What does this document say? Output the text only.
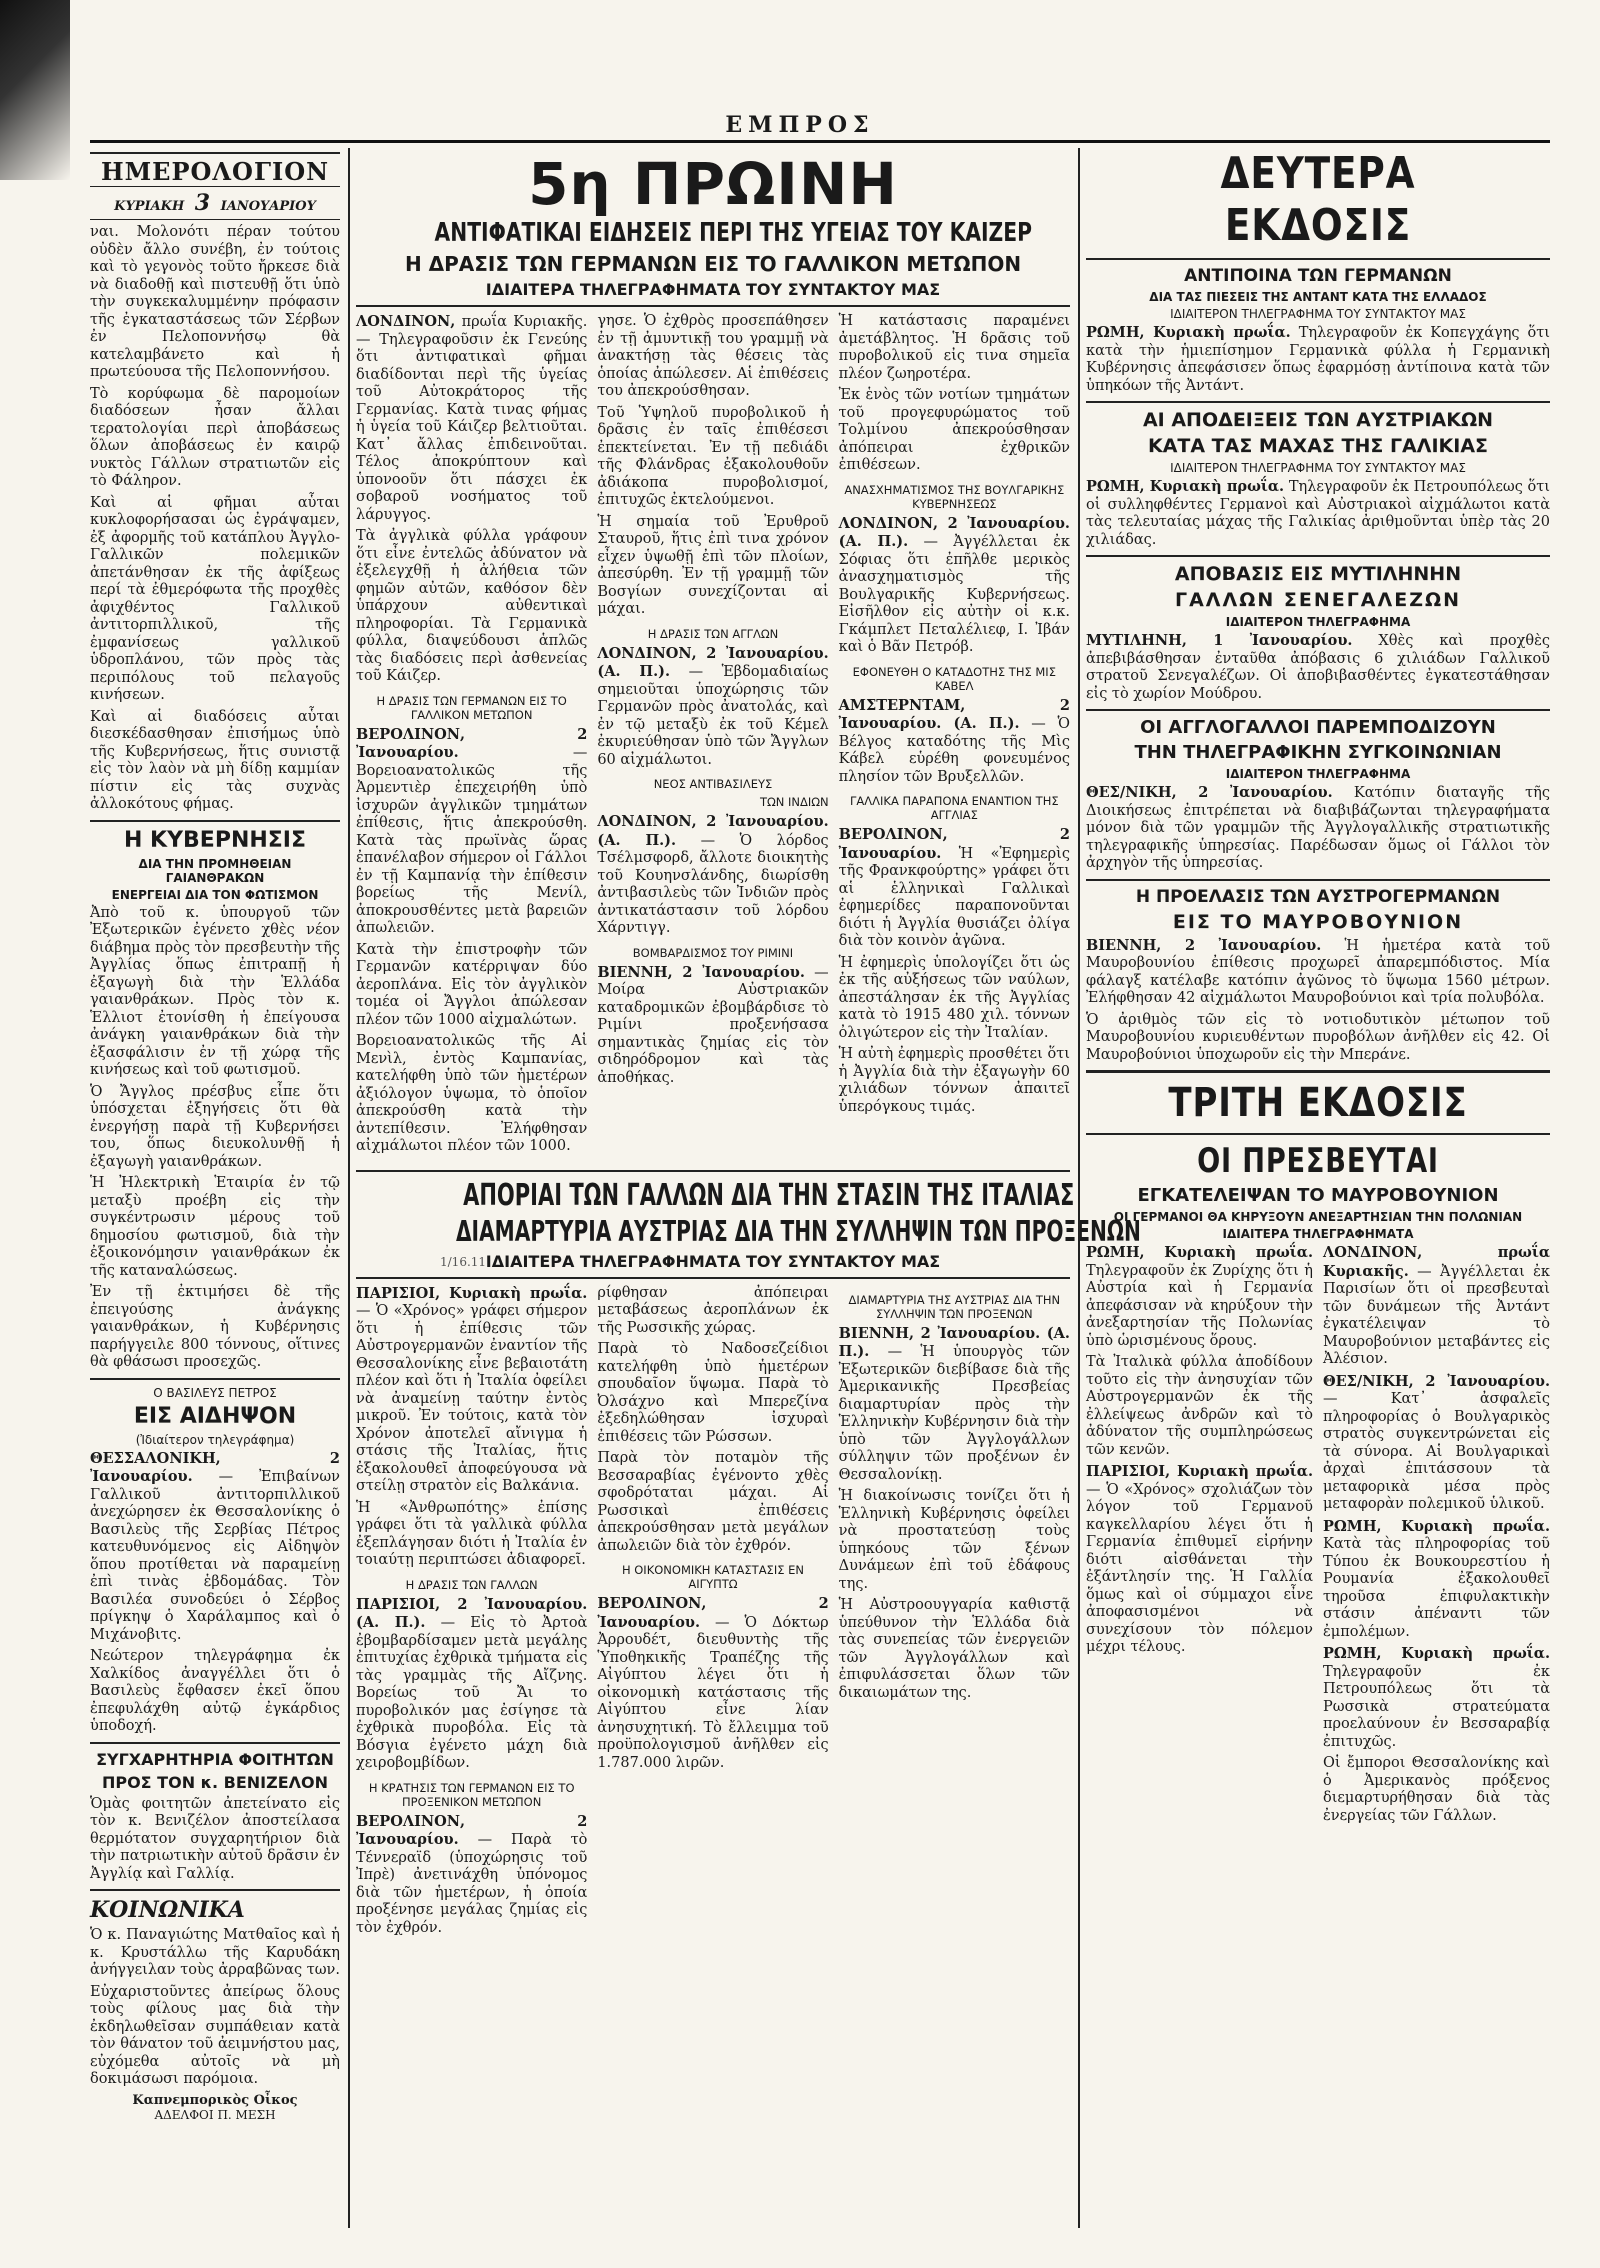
ΕΜΠΡΟΣ
ΗΜΕΡΟΛΟΓΙΟΝ
ΚΥΡΙΑΚΗ 3 ΙΑΝΟΥΑΡΙΟΥ

ναι. Μολονότι πέραν τούτου οὐδὲν ἄλλο συνέβη, ἐν τούτοις καὶ τὸ γεγονὸς τοῦτο ἤρκεσε διὰ νὰ διαδοθῇ καὶ πιστευθῇ ὅτι ὑπὸ τὴν συγκεκαλυμμένην πρόφασιν τῆς ἐγκαταστάσεως τῶν Σέρβων ἐν Πελοποννήσῳ θὰ κατελαμβάνετο καὶ ἡ πρωτεύουσα τῆς Πελοποννήσου.

Τὸ κορύφωμα δὲ παρομοίων διαδόσεων ἦσαν ἄλλαι τερατολογίαι περὶ ἀποβάσεως ὅλων ἀποβάσεως ἐν καιρῷ νυκτὸς Γάλλων στρατιωτῶν εἰς τὸ Φάληρον.

Καὶ αἱ φῆμαι αὗται κυκλοφορήσασαι ὡς ἐγράψαμεν, ἐξ ἀφορμῆς τοῦ κατάπλου Ἀγγλο-Γαλλικῶν πολεμικῶν ἀπετάνθησαν ἐκ τῆς ἀφίξεως περί τὰ ἐθμερόφωτα τῆς προχθὲς ἀφιχθέντος Γαλλικοῦ ἀντιτορπιλλικοῦ, τῆς ἐμφανίσεως γαλλικοῦ ὑδροπλάνου, τῶν πρὸς τὰς περιπόλους τοῦ πελαγοῦς κινήσεων.

Καὶ αἱ διαδόσεις αὗται διεσκέδασθησαν ἐπισήμως ὑπὸ τῆς Κυβερνήσεως, ἥτις συνιστᾷ εἰς τὸν λαὸν νὰ μὴ δίδῃ καμμίαν πίστιν εἰς τὰς συχνὰς ἀλλοκότους φήμας.

Η ΚΥΒΕΡΝΗΣΙΣ
ΔΙΑ ΤΗΝ ΠΡΟΜΗΘΕΙΑΝ ΓΑΙΑΝΘΡΑΚΩΝ
ΕΝΕΡΓΕΙΑΙ ΔΙΑ ΤΟΝ ΦΩΤΙΣΜΟΝ

Ἀπὸ τοῦ κ. ὑπουργοῦ τῶν Ἐξωτερικῶν ἐγένετο χθὲς νέον διάβημα πρὸς τὸν πρεσβευτὴν τῆς Ἀγγλίας ὅπως ἐπιτραπῇ ἡ ἐξαγωγὴ διὰ τὴν Ἑλλάδα γαιανθράκων. Πρὸς τὸν κ. Ἑλλιοτ ἐτονίσθη ἡ ἐπείγουσα ἀνάγκη γαιανθράκων διὰ τὴν ἐξασφάλισιν ἐν τῇ χώρᾳ τῆς κινήσεως καὶ τοῦ φωτισμοῦ.

Ὁ Ἄγγλος πρέσβυς εἶπε ὅτι ὑπόσχεται ἐξηγήσεις ὅτι θὰ ἐνεργήσῃ παρὰ τῇ Κυβερνήσει του, ὅπως διευκολυνθῇ ἡ ἐξαγωγὴ γαιανθράκων.

Ἡ Ἠλεκτρικὴ Ἑταιρία ἐν τῷ μεταξὺ προέβη εἰς τὴν συγκέντρωσιν μέρους τοῦ δημοσίου φωτισμοῦ, διὰ τὴν ἐξοικονόμησιν γαιανθράκων ἐκ τῆς καταναλώσεως.

Ἐν τῇ ἐκτιμήσει δὲ τῆς ἐπειγούσης ἀνάγκης γαιανθράκων, ἡ Κυβέρνησις παρήγγειλε 800 τόννους, οἵτινες θὰ φθάσωσι προσεχῶς.

Ο ΒΑΣΙΛΕΥΣ ΠΕΤΡΟΣ
ΕΙΣ ΑΙΔΗΨΟΝ
(Ἰδιαίτερον τηλεγράφημα)

ΘΕΣΣΑΛΟΝΙΚΗ, 2 Ἰανουαρίου. — Ἐπιβαίνων Γαλλικοῦ ἀντιτορπιλλικοῦ ἀνεχώρησεν ἐκ Θεσσαλονίκης ὁ Βασιλεὺς τῆς Σερβίας Πέτρος κατευθυνόμενος εἰς Αἰδηψὸν ὅπου προτίθεται νὰ παραμείνῃ ἐπὶ τινὰς ἑβδομάδας. Τὸν Βασιλέα συνοδεύει ὁ Σέρβος πρίγκηψ ὁ Χαράλαμπος καὶ ὁ Μιχάνοβιτς.

Νεώτερον τηλεγράφημα ἐκ Χαλκίδος ἀναγγέλλει ὅτι ὁ Βασιλεὺς ἔφθασεν ἐκεῖ ὅπου ἐπεφυλάχθη αὐτῷ ἐγκάρδιος ὑποδοχή.

ΣΥΓΧΑΡΗΤΗΡΙΑ ΦΟΙΤΗΤΩΝ
ΠΡΟΣ ΤΟΝ κ. ΒΕΝΙΖΕΛΟΝ

Ὁμὰς φοιτητῶν ἀπετείνατο εἰς τὸν κ. Βενιζέλον ἀποστείλασα θερμότατον συγχαρητήριον διὰ τὴν πατριωτικὴν αὐτοῦ δρᾶσιν ἐν Ἀγγλίᾳ καὶ Γαλλίᾳ.

ΚΟΙΝΩΝΙΚΑ

Ὁ κ. Παναγιώτης Ματθαῖος καὶ ἡ κ. Κρυστάλλω τῆς Καρυδάκη ἀνήγγειλαν τοὺς ἀρραβῶνας των.

Εὐχαριστοῦντες ἀπείρως ὅλους τοὺς φίλους μας διὰ τὴν ἐκδηλωθεῖσαν συμπάθειαν κατὰ τὸν θάνατον τοῦ ἀειμνήστου μας, εὐχόμεθα αὐτοῖς νὰ μὴ δοκιμάσωσι παρόμοια.

Καπνεμπορικὸς Οἶκος
ΑΔΕΛΦΟΙ Π. ΜΕΣΗ
5η ΠΡΩΙΝΗ
ΑΝΤΙΦΑΤΙΚΑΙ ΕΙΔΗΣΕΙΣ ΠΕΡΙ ΤΗΣ ΥΓΕΙΑΣ ΤΟΥ ΚΑΙΖΕΡ
Η ΔΡΑΣΙΣ ΤΩΝ ΓΕΡΜΑΝΩΝ ΕΙΣ ΤΟ ΓΑΛΛΙΚΟΝ ΜΕΤΩΠΟΝ
ΙΔΙΑΙΤΕΡΑ ΤΗΛΕΓΡΑΦΗΜΑΤΑ ΤΟΥ ΣΥΝΤΑΚΤΟΥ ΜΑΣ

ΛΟΝΔΙΝΟΝ, πρωΐα Κυριακῆς. — Τηλεγραφοῦσιν ἐκ Γενεύης ὅτι ἀντιφατικαὶ φῆμαι διαδίδονται περὶ τῆς ὑγείας τοῦ Αὐτοκράτορος τῆς Γερμανίας. Κατὰ τινας φήμας ἡ ὑγεία τοῦ Κάιζερ βελτιοῦται. Κατ᾽ ἄλλας ἐπιδεινοῦται. Τέλος ἀποκρύπτουν καὶ ὑπονοοῦν ὅτι πάσχει ἐκ σοβαροῦ νοσήματος τοῦ λάρυγγος.

Τὰ ἀγγλικὰ φύλλα γράφουν ὅτι εἶνε ἐντελῶς ἀδύνατον νὰ ἐξελεγχθῇ ἡ ἀλήθεια τῶν φημῶν αὐτῶν, καθόσον δὲν ὑπάρχουν αὐθεντικαὶ πληροφορίαι. Τὰ Γερμανικὰ φύλλα, διαψεύδουσι ἁπλῶς τὰς διαδόσεις περὶ ἀσθενείας τοῦ Κάιζερ.

Η ΔΡΑΣΙΣ ΤΩΝ ΓΕΡΜΑΝΩΝ ΕΙΣ ΤΟ ΓΑΛΛΙΚΟΝ ΜΕΤΩΠΟΝ

ΒΕΡΟΛΙΝΟΝ, 2 Ἰανουαρίου.	— Βορειοανατολικῶς τῆς Ἀρμεντιὲρ ἐπεχειρήθη ὑπὸ ἰσχυρῶν ἀγγλικῶν τμημάτων ἐπίθεσις, ἥτις ἀπεκρούσθη. Κατὰ τὰς πρωϊνὰς ὥρας ἐπανέλαβον σήμερον οἱ Γάλλοι ἐν τῇ Καμπανίᾳ τὴν ἐπίθεσιν βορείως τῆς Μενίλ, ἀποκρουσθέντες μετὰ βαρειῶν ἀπωλειῶν.

Κατὰ τὴν ἐπιστροφὴν τῶν Γερμανῶν κατέρριψαν δύο ἀεροπλάνα. Εἰς τὸν ἀγγλικὸν τομέα οἱ Ἄγγλοι ἀπώλεσαν πλέον τῶν 1000 αἰχμαλώτων.

Βορειοανατολικῶς τῆς Αἱ Μενὶλ, ἐντὸς Καμπανίας, κατελήφθη ὑπὸ τῶν ἡμετέρων ἀξιόλογον ὑψωμα, τὸ ὁποῖον ἀπεκρούσθη κατὰ τὴν ἀντεπίθεσιν. Ἐλήφθησαν αἰχμάλωτοι πλέον τῶν 1000.

γησε. Ὁ ἐχθρὸς προσεπάθησεν ἐν τῇ ἀμυντικῇ του γραμμῇ νὰ ἀνακτήσῃ τὰς θέσεις τὰς ὁποίας ἀπώλεσεν. Αἱ ἐπιθέσεις του ἀπεκρούσθησαν.

Τοῦ Ὑψηλοῦ πυροβολικοῦ ἡ δρᾶσις ἐν ταῖς ἐπιθέσεσι ἐπεκτείνεται. Ἐν τῇ πεδιάδι τῆς Φλάνδρας ἐξακολουθοῦν ἀδιάκοπα πυροβολισμοί, ἐπιτυχῶς ἐκτελούμενοι.

Ἡ σημαία τοῦ Ἐρυθροῦ Σταυροῦ, ἥτις ἐπὶ τινα χρόνον εἶχεν ὑψωθῇ ἐπὶ τῶν πλοίων, ἀπεσύρθη. Ἐν τῇ γραμμῇ τῶν Βοσγίων συνεχίζονται αἱ μάχαι.

Η ΔΡΑΣΙΣ ΤΩΝ ΑΓΓΛΩΝ

ΛΟΝΔΙΝΟΝ, 2 Ἰανουαρίου. (Α. Π.). — Ἑβδομαδιαίως σημειοῦται ὑποχώρησις τῶν Γερμανῶν πρὸς ἀνατολάς, καὶ ἐν τῷ μεταξὺ ἐκ τοῦ Κέμελ ἐκυριεύθησαν ὑπὸ τῶν Ἄγγλων 60 αἰχμάλωτοι.

ΝΕΟΣ ΑΝΤΙΒΑΣΙΛΕΥΣ
ΤΩΝ ΙΝΔΙΩΝ

ΛΟΝΔΙΝΟΝ, 2 Ἰανουαρίου. (Α. Π.). — Ὁ λόρδος Τσέλμσφορδ, ἄλλοτε διοικητὴς τοῦ Κουηνσλάνδης, διωρίσθη ἀντιβασιλεὺς τῶν Ἰνδιῶν πρὸς ἀντικατάστασιν τοῦ λόρδου Χάρντιγγ.

ΒΟΜΒΑΡΔΙΣΜΟΣ ΤΟΥ ΡΙΜΙΝΙ

ΒΙΕΝΝΗ, 2 Ἰανουαρίου. — Μοίρα Αὐστριακῶν καταδρομικῶν ἐβομβάρδισε τὸ Ριμίνι προξενήσασα σημαντικὰς ζημίας εἰς τὸν σιδηρόδρομον καὶ τὰς ἀποθήκας.

Ἡ κατάστασις παραμένει ἀμετάβλητος. Ἡ δρᾶσις τοῦ πυροβολικοῦ εἰς τινα σημεῖα πλέον ζωηροτέρα.

Ἐκ ἑνὸς τῶν νοτίων τμημάτων τοῦ προγεφυρώματος τοῦ Τολμίνου ἀπεκρούσθησαν ἀπόπειραι ἐχθρικῶν ἐπιθέσεων.

ΑΝΑΣΧΗΜΑΤΙΣΜΟΣ ΤΗΣ ΒΟΥΛΓΑΡΙΚΗΣ ΚΥΒΕΡΝΗΣΕΩΣ

ΛΟΝΔΙΝΟΝ, 2 Ἰανουαρίου. (Α. Π.). — Ἀγγέλλεται ἐκ Σόφιας ὅτι ἐπῆλθε μερικὸς ἀνασχηματισμὸς τῆς Βουλγαρικῆς Κυβερνήσεως. Εἰσῆλθον εἰς αὐτὴν οἱ κ.κ. Γκάμπλετ Πεταλέλιεφ, Ι. Ἰβάν καὶ ὁ Βᾶν Πετρόβ.

ΕΦΟΝΕΥΘΗ Ο ΚΑΤΑΔΟΤΗΣ ΤΗΣ ΜΙΣ ΚΑΒΕΛ

ΑΜΣΤΕΡΝΤΑΜ, 2 Ἰανουαρίου. (Α. Π.). — Ὁ Βέλγος καταδότης τῆς Μὶς Κάβελ εὑρέθη φονευμένος πλησίον τῶν Βρυξελλῶν.

ΓΑΛΛΙΚΑ ΠΑΡΑΠΟΝΑ ΕΝΑΝΤΙΟΝ ΤΗΣ ΑΓΓΛΙΑΣ

ΒΕΡΟΛΙΝΟΝ, 2 Ἰανουαρίου. Ἡ «Ἐφημερὶς τῆς Φρανκφούρτης» γράφει ὅτι αἱ ἑλληνικαὶ Γαλλικαὶ ἐφημερίδες παραπονοῦνται διότι ἡ Ἀγγλία θυσιάζει ὀλίγα διὰ τὸν κοινὸν ἀγῶνα.

Ἡ ἐφημερὶς ὑπολογίζει ὅτι ὡς ἐκ τῆς αὐξήσεως τῶν ναύλων, ἀπεστάλησαν ἐκ τῆς Ἀγγλίας κατὰ τὸ 1915 480 χιλ. τόννων ὀλιγώτερον εἰς τὴν Ἰταλίαν.

Ἡ αὐτὴ ἐφημερὶς προσθέτει ὅτι ἡ Ἀγγλία διὰ τὴν ἐξαγωγὴν 60 χιλιάδων τόννων ἀπαιτεῖ ὑπερόγκους τιμάς.

ΑΠΟΡΙΑΙ ΤΩΝ ΓΑΛΛΩΝ ΔΙΑ ΤΗΝ ΣΤΑΣΙΝ ΤΗΣ ΙΤΑΛΙΑΣ
ΔΙΑΜΑΡΤΥΡΙΑ ΑΥΣΤΡΙΑΣ ΔΙΑ ΤΗΝ ΣΥΛΛΗΨΙΝ ΤΩΝ ΠΡΟΞΕΝΩΝ
ΙΔΙΑΙΤΕΡΑ ΤΗΛΕΓΡΑΦΗΜΑΤΑ ΤΟΥ ΣΥΝΤΑΚΤΟΥ ΜΑΣ

ΠΑΡΙΣΙΟΙ, Κυριακὴ πρωΐα. — Ὁ «Χρόνος» γράφει σήμερον ὅτι ἡ ἐπίθεσις τῶν Αὐστρογερμανῶν ἐναντίον τῆς Θεσσαλονίκης εἶνε βεβαιοτάτη πλέον καὶ ὅτι ἡ Ἰταλία ὀφείλει νὰ ἀναμείνῃ ταύτην ἐντὸς μικροῦ. Ἐν τούτοις, κατὰ τὸν Χρόνον ἀποτελεῖ αἴνιγμα ἡ στάσις τῆς Ἰταλίας, ἥτις ἐξακολουθεῖ ἀποφεύγουσα νὰ στείλῃ στρατὸν εἰς Βαλκάνια.

Ἡ «Ἀνθρωπότης» ἐπίσης γράφει ὅτι τὰ γαλλικὰ φύλλα ἐξεπλάγησαν διότι ἡ Ἰταλία ἐν τοιαύτῃ περιπτώσει ἀδιαφορεῖ.

Η ΔΡΑΣΙΣ ΤΩΝ ΓΑΛΛΩΝ

ΠΑΡΙΣΙΟΙ, 2 Ἰανουαρίου. (Α. Π.). — Εἰς τὸ Ἀρτοὰ ἐβομβαρδίσαμεν μετὰ μεγάλης ἐπιτυχίας ἐχθρικὰ τμήματα εἰς τὰς γραμμὰς τῆς Αἴζνης. Βορείως τοῦ Ἄι το πυροβολικόν μας ἐσίγησε τὰ ἐχθρικὰ πυροβόλα. Εἰς τὰ Βόσγια ἐγένετο μάχη διὰ χειροβομβίδων.

Η ΚΡΑΤΗΣΙΣ ΤΩΝ ΓΕΡΜΑΝΩΝ ΕΙΣ ΤΟ ΠΡΟΞΕΝΙΚΟΝ ΜΕΤΩΠΟΝ

ΒΕΡΟΛΙΝΟΝ, 2 Ἰανουαρίου. — Παρὰ τὸ Τέννεραϊδ (ὑποχώρησις τοῦ Ἰπρὲ) ἀνετινάχθη ὑπόνομος διὰ τῶν ἡμετέρων, ἡ ὁποία προξένησε μεγάλας ζημίας εἰς τὸν ἐχθρόν.

ρίφθησαν ἀπόπειραι μεταβάσεως ἀεροπλάνων ἐκ τῆς Ρωσσικῆς χώρας.

Παρὰ τὸ Ναδοσεζείδιοι κατελήφθη ὑπὸ ἡμετέρων σπουδαῖον ὕψωμα. Παρὰ τὸ Ὀλσάχνο καὶ Μπερεζίνα ἐξεδηλώθησαν ἰσχυραὶ ἐπιθέσεις τῶν Ρώσσων.

Παρὰ τὸν ποταμὸν τῆς Βεσσαραβίας ἐγένοντο χθὲς σφοδρόταται μάχαι. Αἱ Ρωσσικαὶ ἐπιθέσεις ἀπεκρούσθησαν μετὰ μεγάλων ἀπωλειῶν διὰ τὸν ἐχθρόν.

Η ΟΙΚΟΝΟΜΙΚΗ ΚΑΤΑΣΤΑΣΙΣ ΕΝ ΑΙΓΥΠΤΩ

ΒΕΡΟΛΙΝΟΝ, 2 Ἰανουαρίου. — Ὁ Δόκτωρ Ἀρρουδέτ, διευθυντὴς τῆς Ὑποθηκικῆς Τραπέζης τῆς Αἰγύπτου λέγει ὅτι ἡ οἰκονομικὴ κατάστασις τῆς Αἰγύπτου εἶνε λίαν ἀνησυχητική. Τὸ ἔλλειμμα τοῦ προϋπολογισμοῦ ἀνῆλθεν εἰς 1.787.000 λιρῶν.

ΔΙΑΜΑΡΤΥΡΙΑ ΤΗΣ ΑΥΣΤΡΙΑΣ ΔΙΑ ΤΗΝ ΣΥΛΛΗΨΙΝ ΤΩΝ ΠΡΟΞΕΝΩΝ

ΒΙΕΝΝΗ, 2 Ἰανουαρίου. (Α. Π.). — Ἡ ὑπουργὸς τῶν Ἐξωτερικῶν διεβίβασε διὰ τῆς Ἀμερικανικῆς Πρεσβείας διαμαρτυρίαν πρὸς τὴν Ἑλληνικὴν Κυβέρνησιν διὰ τὴν ὑπὸ τῶν Ἀγγλογάλλων σύλληψιν τῶν προξένων ἐν Θεσσαλονίκῃ.

Ἡ διακοίνωσις τονίζει ὅτι ἡ Ἑλληνικὴ Κυβέρνησις ὀφείλει νὰ προστατεύσῃ τοὺς ὑπηκόους τῶν ξένων Δυνάμεων ἐπὶ τοῦ ἐδάφους της.

Ἡ Αὐστροουγγαρία καθιστᾷ ὑπεύθυνον τὴν Ἑλλάδα διὰ τὰς συνεπείας τῶν ἐνεργειῶν τῶν Ἀγγλογάλλων καὶ ἐπιφυλάσσεται ὅλων τῶν δικαιωμάτων της.

ΔΕΥΤΕΡΑ ΕΚΔΟΣΙΣ
ΑΝΤΙΠΟΙΝΑ ΤΩΝ ΓΕΡΜΑΝΩΝ
ΔΙΑ ΤΑΣ ΠΙΕΣΕΙΣ ΤΗΣ ΑΝΤΑΝΤ ΚΑΤΑ ΤΗΣ ΕΛΛΑΔΟΣ
ΙΔΙΑΙΤΕΡΟΝ ΤΗΛΕΓΡΑΦΗΜΑ ΤΟΥ ΣΥΝΤΑΚΤΟΥ ΜΑΣ

ΡΩΜΗ, Κυριακὴ πρωΐα. Τηλεγραφοῦν ἐκ Κοπεγχάγης ὅτι κατὰ τὴν ἡμιεπίσημον Γερμανικὰ φύλλα ἡ Γερμανικὴ Κυβέρνησις ἀπεφάσισεν ὅπως ἐφαρμόσῃ ἀντίποινα κατὰ τῶν ὑπηκόων τῆς Ἀντάντ.

ΑΙ ΑΠΟΔΕΙΞΕΙΣ ΤΩΝ ΑΥΣΤΡΙΑΚΩΝ
ΚΑΤΑ ΤΑΣ ΜΑΧΑΣ ΤΗΣ ΓΑΛΙΚΙΑΣ
ΙΔΙΑΙΤΕΡΟΝ ΤΗΛΕΓΡΑΦΗΜΑ ΤΟΥ ΣΥΝΤΑΚΤΟΥ ΜΑΣ

ΡΩΜΗ, Κυριακὴ πρωΐα. Τηλεγραφοῦν ἐκ Πετρουπόλεως ὅτι οἱ συλληφθέντες Γερμανοὶ καὶ Αὐστριακοὶ αἰχμάλωτοι κατὰ τὰς τελευταίας μάχας τῆς Γαλικίας ἀριθμοῦνται ὑπὲρ τὰς 20 χιλιάδας.

ΑΠΟΒΑΣΙΣ ΕΙΣ ΜΥΤΙΛΗΝΗΝ
ΓΑΛΛΩΝ ΣΕΝΕΓΑΛΕΖΩΝ
ΙΔΙΑΙΤΕΡΟΝ ΤΗΛΕΓΡΑΦΗΜΑ

ΜΥΤΙΛΗΝΗ, 1 Ἰανουαρίου. Χθὲς καὶ προχθὲς ἀπεβιβάσθησαν ἐνταῦθα ἀπόβασις 6 χιλιάδων Γαλλικοῦ στρατοῦ Σενεγαλέζων. Οἱ ἀποβιβασθέντες ἐγκατεστάθησαν εἰς τὸ χωρίον Μούδρου.

ΟΙ ΑΓΓΛΟΓΑΛΛΟΙ ΠΑΡΕΜΠΟΔΙΖΟΥΝ
ΤΗΝ ΤΗΛΕΓΡΑΦΙΚΗΝ ΣΥΓΚΟΙΝΩΝΙΑΝ
ΙΔΙΑΙΤΕΡΟΝ ΤΗΛΕΓΡΑΦΗΜΑ

ΘΕΣ/ΝΙΚΗ, 2 Ἰανουαρίου. Κατόπιν διαταγῆς τῆς Διοικήσεως ἐπιτρέπεται νὰ διαβιβάζωνται τηλεγραφήματα μόνον διὰ τῶν γραμμῶν τῆς Ἀγγλογαλλικῆς στρατιωτικῆς τηλεγραφικῆς ὑπηρεσίας. Παρέδωσαν ὅμως οἱ Γάλλοι τὸν ἀρχηγὸν τῆς ὑπηρεσίας.

Η ΠΡΟΕΛΑΣΙΣ ΤΩΝ ΑΥΣΤΡΟΓΕΡΜΑΝΩΝ
ΕΙΣ ΤΟ ΜΑΥΡΟΒΟΥΝΙΟΝ

ΒΙΕΝΝΗ, 2 Ἰανουαρίου. Ἡ ἡμετέρα κατὰ τοῦ Μαυροβουνίου ἐπίθεσις προχωρεῖ ἀπαρεμπόδιστος. Μία φάλαγξ κατέλαβε κατόπιν ἀγῶνος τὸ ὕψωμα 1560 μέτρων. Ἐλήφθησαν 42 αἰχμάλωτοι Μαυροβούνιοι καὶ τρία πολυβόλα.

Ὁ ἀριθμὸς τῶν εἰς τὸ νοτιοδυτικὸν μέτωπον τοῦ Μαυροβουνίου κυριευθέντων πυροβόλων ἀνῆλθεν εἰς 42. Οἱ Μαυροβούνιοι ὑποχωροῦν εἰς τὴν Μπεράνε.

ΤΡΙΤΗ ΕΚΔΟΣΙΣ
ΟΙ ΠΡΕΣΒΕΥΤΑΙ
ΕΓΚΑΤΕΛΕΙΨΑΝ ΤΟ ΜΑΥΡΟΒΟΥΝΙΟΝ
ΟΙ ΓΕΡΜΑΝΟΙ ΘΑ ΚΗΡΥΞΟΥΝ ΑΝΕΞΑΡΤΗΣΙΑΝ ΤΗΝ ΠΟΛΩΝΙΑΝ
ΙΔΙΑΙΤΕΡΑ ΤΗΛΕΓΡΑΦΗΜΑΤΑ

ΡΩΜΗ, Κυριακὴ πρωΐα. Τηλεγραφοῦν ἐκ Ζυρίχης ὅτι ἡ Αὐστρία καὶ ἡ Γερμανία ἀπεφάσισαν νὰ κηρύξουν τὴν ἀνεξαρτησίαν τῆς Πολωνίας ὑπὸ ὡρισμένους ὅρους.

Τὰ Ἰταλικὰ φύλλα ἀποδίδουν τοῦτο εἰς τὴν ἀνησυχίαν τῶν Αὐστρογερμανῶν ἐκ τῆς ἐλλείψεως ἀνδρῶν καὶ τὸ ἀδύνατον τῆς συμπληρώσεως τῶν κενῶν.

ΠΑΡΙΣΙΟΙ, Κυριακὴ πρωΐα. — Ὁ «Χρόνος» σχολιάζων τὸν λόγον τοῦ Γερμανοῦ καγκελλαρίου λέγει ὅτι ἡ Γερμανία ἐπιθυμεῖ εἰρήνην διότι αἰσθάνεται τὴν ἐξάντλησίν της. Ἡ Γαλλία ὅμως καὶ οἱ σύμμαχοι εἶνε ἀποφασισμένοι νὰ συνεχίσουν τὸν πόλεμον μέχρι τέλους.

ΛΟΝΔΙΝΟΝ, πρωΐα Κυριακῆς. — Ἀγγέλλεται ἐκ Παρισίων ὅτι οἱ πρεσβευταὶ τῶν δυνάμεων τῆς Ἀντάντ ἐγκατέλειψαν τὸ Μαυροβούνιον μεταβάντες εἰς Ἀλέσιον.

ΘΕΣ/ΝΙΚΗ, 2 Ἰανουαρίου. — Κατ᾽ ἀσφαλεῖς πληροφορίας ὁ Βουλγαρικὸς στρατὸς συγκεντρώνεται εἰς τὰ σύνορα. Αἱ Βουλγαρικαὶ ἀρχαὶ ἐπιτάσσουν τὰ μεταφορικὰ μέσα πρὸς μεταφορὰν πολεμικοῦ ὑλικοῦ.

ΡΩΜΗ, Κυριακὴ πρωΐα. Κατὰ τὰς πληροφορίας τοῦ Τύπου ἐκ Βουκουρεστίου ἡ Ρουμανία ἐξακολουθεῖ τηροῦσα ἐπιφυλακτικὴν στάσιν ἀπέναντι τῶν ἐμπολέμων.

ΡΩΜΗ, Κυριακὴ πρωΐα. Τηλεγραφοῦν ἐκ Πετρουπόλεως ὅτι τὰ Ρωσσικὰ στρατεύματα προελαύνουν ἐν Βεσσαραβίᾳ ἐπιτυχῶς.

Οἱ ἔμποροι Θεσσαλονίκης καὶ ὁ Ἀμερικανὸς πρόξενος διεμαρτυρήθησαν διὰ τὰς ἐνεργείας τῶν Γάλλων.

1/16.11
